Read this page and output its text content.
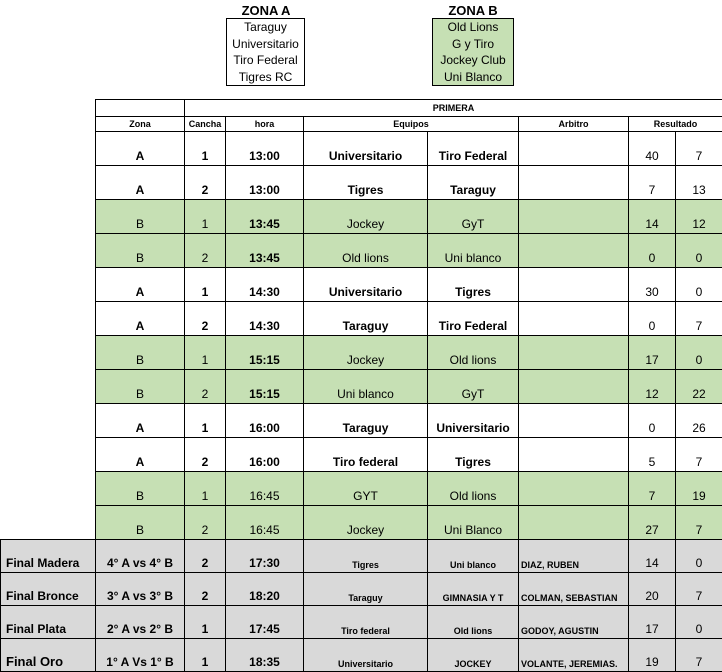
ZONA A
Taraguy
Universitario
Tiro Federal
Tigres RC
ZONA B
Old Lions
G y Tiro
Jockey Club
Uni Blanco
		PRIMERA						
	Zona	Cancha	hora	Equipos		Arbitro	Resultado	
	A	1	13:00	Universitario	Tiro Federal		40	7
	A	2	13:00	Tigres	Taraguy		7	13
	B	1	13:45	Jockey	GyT		14	12
	B	2	13:45	Old lions	Uni blanco		0	0
	A	1	14:30	Universitario	Tigres		30	0
	A	2	14:30	Taraguy	Tiro Federal		0	7
	B	1	15:15	Jockey	Old lions		17	0
	B	2	15:15	Uni blanco	GyT		12	22
	A	1	16:00	Taraguy	Universitario		0	26
	A	2	16:00	Tiro federal	Tigres		5	7
	B	1	16:45	GYT	Old lions		7	19
	B	2	16:45	Jockey	Uni Blanco		27	7
Final Madera	4° A vs 4° B	2	17:30	Tigres	Uni blanco	DIAZ, RUBEN	14	0
Final Bronce	3° A vs 3° B	2	18:20	Taraguy	GIMNASIA Y T	COLMAN, SEBASTIAN	20	7
Final Plata	2° A vs 2° B	1	17:45	Tiro federal	Old lions	GODOY, AGUSTIN	17	0
Final Oro	1° A Vs 1° B	1	18:35	Universitario	JOCKEY	VOLANTE, JEREMIAS.	19	7
